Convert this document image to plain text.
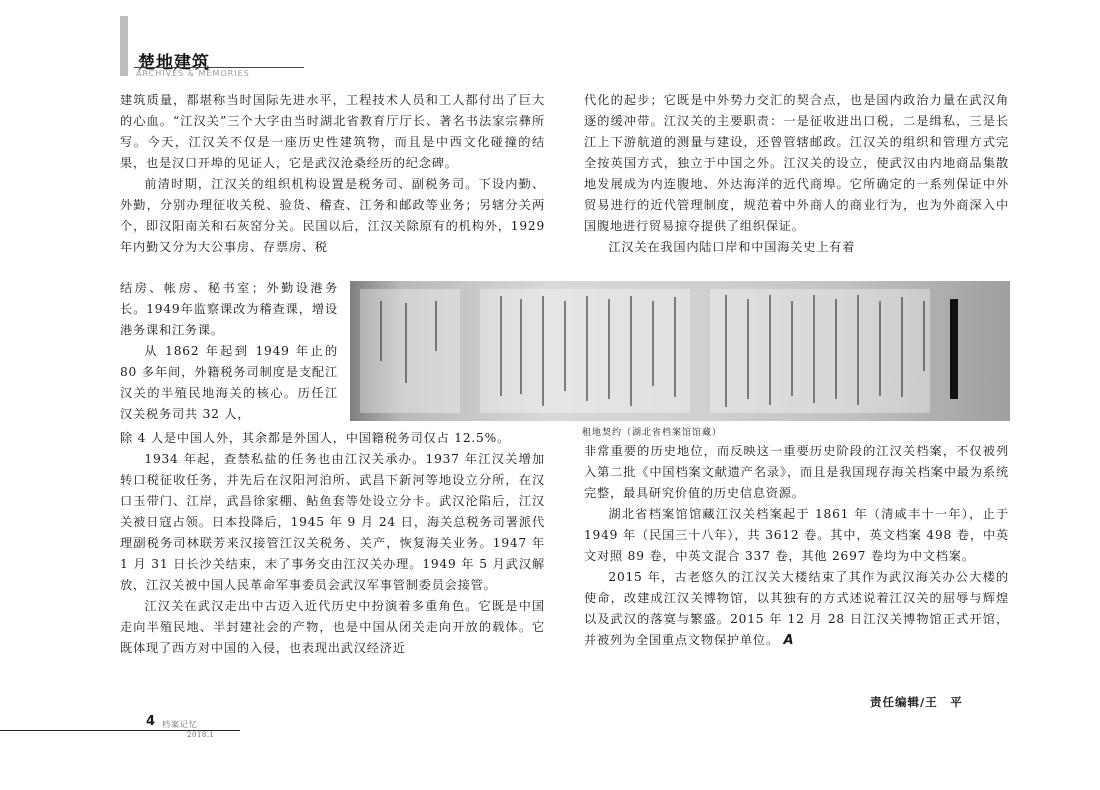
楚地建筑
ARCHIVES & MEMORIES

建筑质量，都堪称当时国际先进水平，工程技术人员和工人都付出了巨大的心血。“江汉关”三个大字由当时湖北省教育厅厅长、著名书法家宗彝所写。今天，江汉关不仅是一座历史性建筑物，而且是中西文化碰撞的结果，也是汉口开埠的见证人，它是武汉沧桑经历的纪念碑。

前清时期，江汉关的组织机构设置是税务司、副税务司。下设内勤、外勤，分别办理征收关税、验货、稽查、江务和邮政等业务；另辖分关两个，即汉阳南关和石灰窑分关。民国以后，江汉关除原有的机构外，1929年内勤又分为大公事房、存票房、税

结房、帐房、秘书室；外勤设港务长。1949年监察课改为稽查课，增设港务课和江务课。

从 1862 年起到 1949 年止的 80 多年间，外籍税务司制度是支配江汉关的半殖民地海关的核心。历任江汉关税务司共 32 人，

除 4 人是中国人外，其余都是外国人，中国籍税务司仅占 12.5%。

1934 年起，查禁私盐的任务也由江汉关承办。1937 年江汉关增加转口税征收任务，并先后在汉阳河泊所、武昌下新河等地设立分所，在汉口玉带门、江岸，武昌徐家棚、鲇鱼套等处设立分卡。武汉沦陷后，江汉关被日寇占领。日本投降后，1945 年 9 月 24 日，海关总税务司署派代理副税务司林联芳来汉接管江汉关税务、关产，恢复海关业务。1947 年 1 月 31 日长沙关结束，末了事务交由江汉关办理。1949 年 5 月武汉解放，江汉关被中国人民革命军事委员会武汉军事管制委员会接管。

江汉关在武汉走出中古迈入近代历史中扮演着多重角色。它既是中国走向半殖民地、半封建社会的产物，也是中国从闭关走向开放的载体。它既体现了西方对中国的入侵，也表现出武汉经济近

代化的起步；它既是中外势力交汇的契合点，也是国内政治力量在武汉角逐的缓冲带。江汉关的主要职责：一是征收进出口税，二是缉私，三是长江上下游航道的测量与建设，还曾管辖邮政。江汉关的组织和管理方式完全按英国方式，独立于中国之外。江汉关的设立，使武汉由内地商品集散地发展成为内连腹地、外达海洋的近代商埠。它所确定的一系列保证中外贸易进行的近代管理制度，规范着中外商人的商业行为，也为外商深入中国腹地进行贸易掠夺提供了组织保证。

江汉关在我国内陆口岸和中国海关史上有着

租地契约（湖北省档案馆馆藏）

非常重要的历史地位，而反映这一重要历史阶段的江汉关档案，不仅被列入第二批《中国档案文献遗产名录》，而且是我国现存海关档案中最为系统完整，最具研究价值的历史信息资源。

湖北省档案馆馆藏江汉关档案起于 1861 年（清咸丰十一年），止于 1949 年（民国三十八年），共 3612 卷。其中，英文档案 498 卷，中英文对照 89 卷，中英文混合 337 卷，其他 2697 卷均为中文档案。

2015 年，古老悠久的江汉关大楼结束了其作为武汉海关办公大楼的使命，改建成江汉关博物馆，以其独有的方式述说着江汉关的屈辱与辉煌以及武汉的落寞与繁盛。2015 年 12 月 28 日江汉关博物馆正式开馆，并被列为全国重点文物保护单位。 A

责任编辑/王　平
4 档案记忆
2018.1
